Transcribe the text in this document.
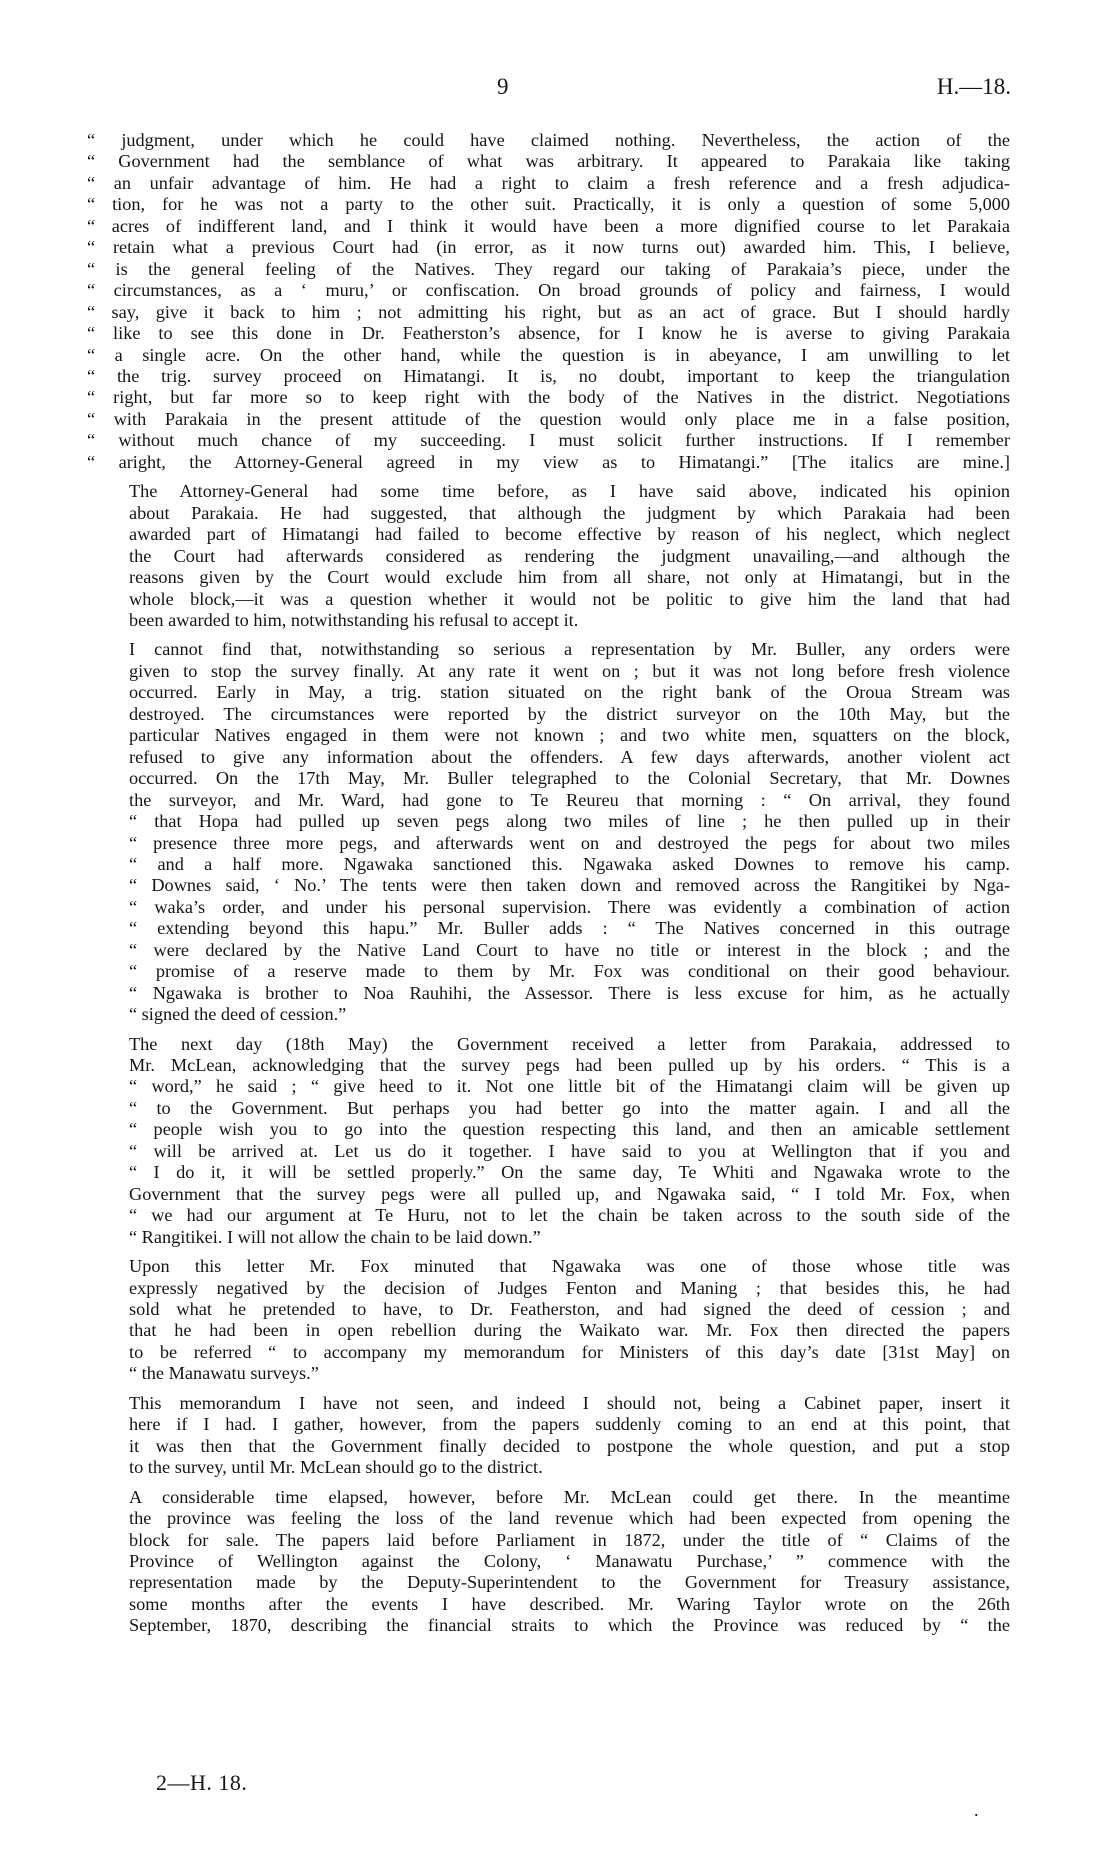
9	H.—18.

“ judgment, under which he could have claimed nothing. Nevertheless, the action of the
“ Government had the semblance of what was arbitrary. It appeared to Parakaia like taking
“ an unfair advantage of him. He had a right to claim a fresh reference and a fresh adjudica-
“ tion, for he was not a party to the other suit. Practically, it is only a question of some 5,000
“ acres of indifferent land, and I think it would have been a more dignified course to let Parakaia
“ retain what a previous Court had (in error, as it now turns out) awarded him. This, I believe,
“ is the general feeling of the Natives. They regard our taking of Parakaia’s piece, under the
“ circumstances, as a ‘ muru,’ or confiscation. On broad grounds of policy and fairness, I would
“ say, give it back to him ; not admitting his right, but as an act of grace. But I should hardly
“ like to see this done in Dr. Featherston’s absence, for I know he is averse to giving Parakaia
“ a single acre. On the other hand, while the question is in abeyance, I am unwilling to let
“ the trig. survey proceed on Himatangi. It is, no doubt, important to keep the triangulation
“ right, but far more so to keep right with the body of the Natives in the district. Negotiations
“ with Parakaia in the present attitude of the question would only place me in a false position,
“ without much chance of my succeeding. I must solicit further instructions. If I remember
“ aright, the Attorney-General agreed in my view as to Himatangi.” [The italics are mine.]

The Attorney-General had some time before, as I have said above, indicated his opinion
about Parakaia. He had suggested, that although the judgment by which Parakaia had been
awarded part of Himatangi had failed to become effective by reason of his neglect, which neglect
the Court had afterwards considered as rendering the judgment unavailing,—and although the
reasons given by the Court would exclude him from all share, not only at Himatangi, but in the
whole block,—it was a question whether it would not be politic to give him the land that had
been awarded to him, notwithstanding his refusal to accept it.

I cannot find that, notwithstanding so serious a representation by Mr. Buller, any orders were
given to stop the survey finally. At any rate it went on ; but it was not long before fresh violence
occurred. Early in May, a trig. station situated on the right bank of the Oroua Stream was
destroyed. The circumstances were reported by the district surveyor on the 10th May, but the
particular Natives engaged in them were not known ; and two white men, squatters on the block,
refused to give any information about the offenders. A few days afterwards, another violent act
occurred. On the 17th May, Mr. Buller telegraphed to the Colonial Secretary, that Mr. Downes
the surveyor, and Mr. Ward, had gone to Te Reureu that morning : “ On arrival, they found
“ that Hopa had pulled up seven pegs along two miles of line ; he then pulled up in their
“ presence three more pegs, and afterwards went on and destroyed the pegs for about two miles
“ and a half more. Ngawaka sanctioned this. Ngawaka asked Downes to remove his camp.
“ Downes said, ‘ No.’ The tents were then taken down and removed across the Rangitikei by Nga-
“ waka’s order, and under his personal supervision. There was evidently a combination of action
“ extending beyond this hapu.” Mr. Buller adds : “ The Natives concerned in this outrage
“ were declared by the Native Land Court to have no title or interest in the block ; and the
“ promise of a reserve made to them by Mr. Fox was conditional on their good behaviour.
“ Ngawaka is brother to Noa Rauhihi, the Assessor. There is less excuse for him, as he actually
“ signed the deed of cession.”

The next day (18th May) the Government received a letter from Parakaia, addressed to
Mr. McLean, acknowledging that the survey pegs had been pulled up by his orders. “ This is a
“ word,” he said ; “ give heed to it. Not one little bit of the Himatangi claim will be given up
“ to the Government. But perhaps you had better go into the matter again. I and all the
“ people wish you to go into the question respecting this land, and then an amicable settlement
“ will be arrived at. Let us do it together. I have said to you at Wellington that if you and
“ I do it, it will be settled properly.” On the same day, Te Whiti and Ngawaka wrote to the
Government that the survey pegs were all pulled up, and Ngawaka said, “ I told Mr. Fox, when
“ we had our argument at Te Huru, not to let the chain be taken across to the south side of the
“ Rangitikei. I will not allow the chain to be laid down.”

Upon this letter Mr. Fox minuted that Ngawaka was one of those whose title was
expressly negatived by the decision of Judges Fenton and Maning ; that besides this, he had
sold what he pretended to have, to Dr. Featherston, and had signed the deed of cession ; and
that he had been in open rebellion during the Waikato war. Mr. Fox then directed the papers
to be referred “ to accompany my memorandum for Ministers of this day’s date [31st May] on
“ the Manawatu surveys.”

This memorandum I have not seen, and indeed I should not, being a Cabinet paper, insert it
here if I had. I gather, however, from the papers suddenly coming to an end at this point, that
it was then that the Government finally decided to postpone the whole question, and put a stop
to the survey, until Mr. McLean should go to the district.

A considerable time elapsed, however, before Mr. McLean could get there. In the meantime
the province was feeling the loss of the land revenue which had been expected from opening the
block for sale. The papers laid before Parliament in 1872, under the title of “ Claims of the
Province of Wellington against the Colony, ‘ Manawatu Purchase,’ ” commence with the
representation made by the Deputy-Superintendent to the Government for Treasury assistance,
some months after the events I have described. Mr. Waring Taylor wrote on the 26th
September, 1870, describing the financial straits to which the Province was reduced by “ the

2—H. 18.
.
